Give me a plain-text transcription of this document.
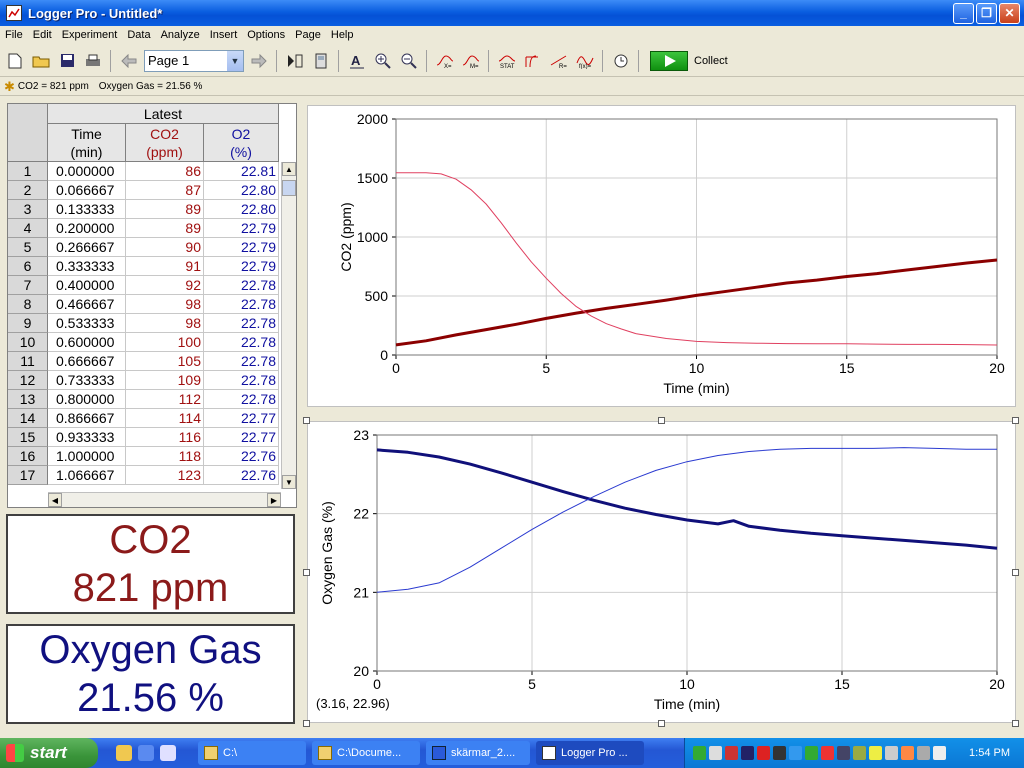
Logger Pro - Untitled*	_	❐	✕
File Edit Experiment Data Analyze Insert Options Page Help
Page 1	▼	A	X=	M=	STAT	R= f(x)=	Collect
✱ CO2 = 821 ppm Oxygen Gas = 21.56 %
Latest
Time
(min)
CO2
(ppm)
O2
(%)
1	0.000000	86	22.81
2	0.066667	87	22.80
3	0.133333	89	22.80
4	0.200000	89	22.79
5	0.266667	90	22.79
6	0.333333	91	22.79
7	0.400000	92	22.78
8	0.466667	98	22.78
9	0.533333	98	22.78
10	0.600000	100	22.78
11	0.666667	105	22.78
12	0.733333	109	22.78
13	0.800000	112	22.78
14	0.866667	114	22.77
15	0.933333	116	22.77
16	1.000000	118	22.76
17	1.066667	123	22.76
▲
▼
◀	▶
CO2
821 ppm
Oxygen Gas
21.56 %
0	5	10	15	20
0
500
1000
1500
2000
Time (min)
CO2 (ppm)
0	5	10	15	20
20
21
22
23
Time (min)
Oxygen Gas (%)
(3.16, 22.96)
start	C:\	C:\Docume...	skärmar_2....	Logger Pro ...	1:54 PM
